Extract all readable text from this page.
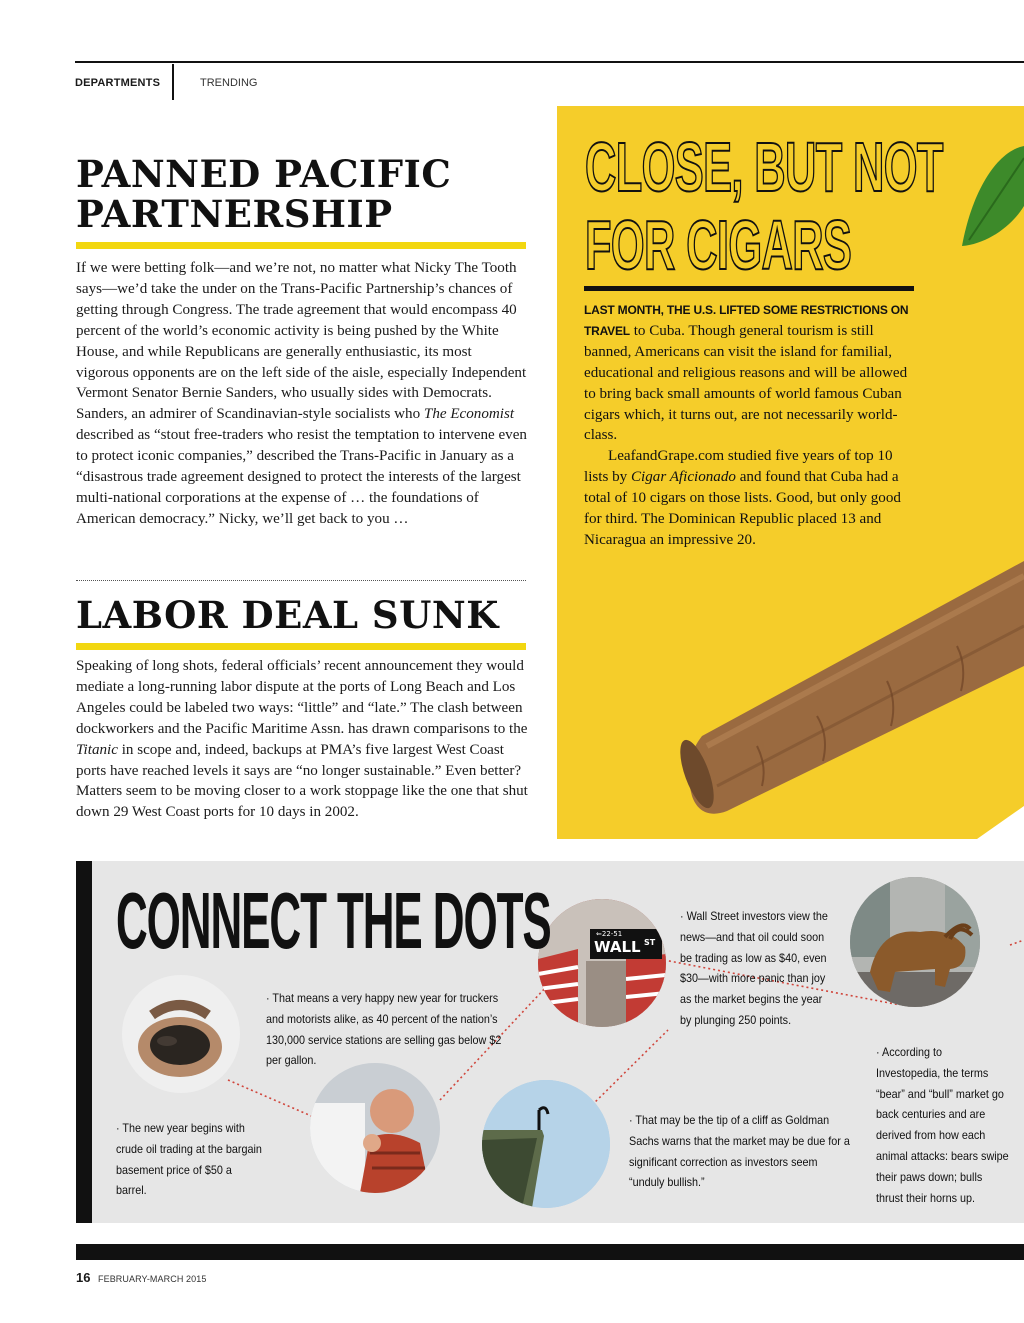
DEPARTMENTS	TRENDING
PANNED PACIFIC PARTNERSHIP
If we were betting folk—and we’re not, no matter what Nicky The Tooth says—we’d take the under on the Trans-Pacific Partnership’s chances of getting through Congress. The trade agreement that would encompass 40 percent of the world’s economic activity is being pushed by the White House, and while Republicans are generally enthusiastic, its most vigorous opponents are on the left side of the aisle, especially Independent Vermont Senator Bernie Sanders, who usually sides with Democrats. Sanders, an admirer of Scandinavian-style socialists who The Economist described as “stout free-traders who resist the temptation to intervene even to protect iconic companies,” described the Trans-Pacific in January as a “disastrous trade agreement designed to protect the interests of the largest multi-national corporations at the expense of … the foundations of American democracy.” Nicky, we’ll get back to you …
LABOR DEAL SUNK
Speaking of long shots, federal officials’ recent announcement they would mediate a long-running labor dispute at the ports of Long Beach and Los Angeles could be labeled two ways: “little” and “late.” The clash between dockworkers and the Pacific Maritime Assn. has drawn comparisons to the Titanic in scope and, indeed, backups at PMA’s five largest West Coast ports have reached levels it says are “no longer sustainable.” Even better? Matters seem to be moving closer to a work stoppage like the one that shut down 29 West Coast ports for 10 days in 2002.
CLOSE, BUT NOT
FOR CIGARS
LAST MONTH, THE U.S. LIFTED SOME RESTRICTIONS ON TRAVEL to Cuba. Though general tourism is still banned, Americans can visit the island for familial, educational and religious reasons and will be allowed to bring back small amounts of world famous Cuban cigars which, it turns out, are not necessarily world-class.
LeafandGrape.com studied five years of top 10 lists by Cigar Aficionado and found that Cuba had a total of 10 cigars on those lists. Good, but only good for third. The Dominican Republic placed 13 and Nicaragua an impressive 20.
⇐22-51
WALL ST
CONNECT THE DOTS
· The new year begins with crude oil trading at the bargain basement price of $50 a barrel.
· That means a very happy new year for truckers and motorists alike, as 40 percent of the nation’s 130,000 service stations are selling gas below $2 per gallon.
· Wall Street investors view the news—and that oil could soon be trading as low as $40, even $30—with more panic than joy as the market begins the year by plunging 250 points.
· That may be the tip of a cliff as Goldman Sachs warns that the market may be due for a significant correction as investors seem “unduly bullish.”
· According to Investopedia, the terms “bear” and “bull” market go back centuries and are derived from how each animal attacks: bears swipe their paws down; bulls thrust their horns up.
16 FEBRUARY-MARCH 2015
